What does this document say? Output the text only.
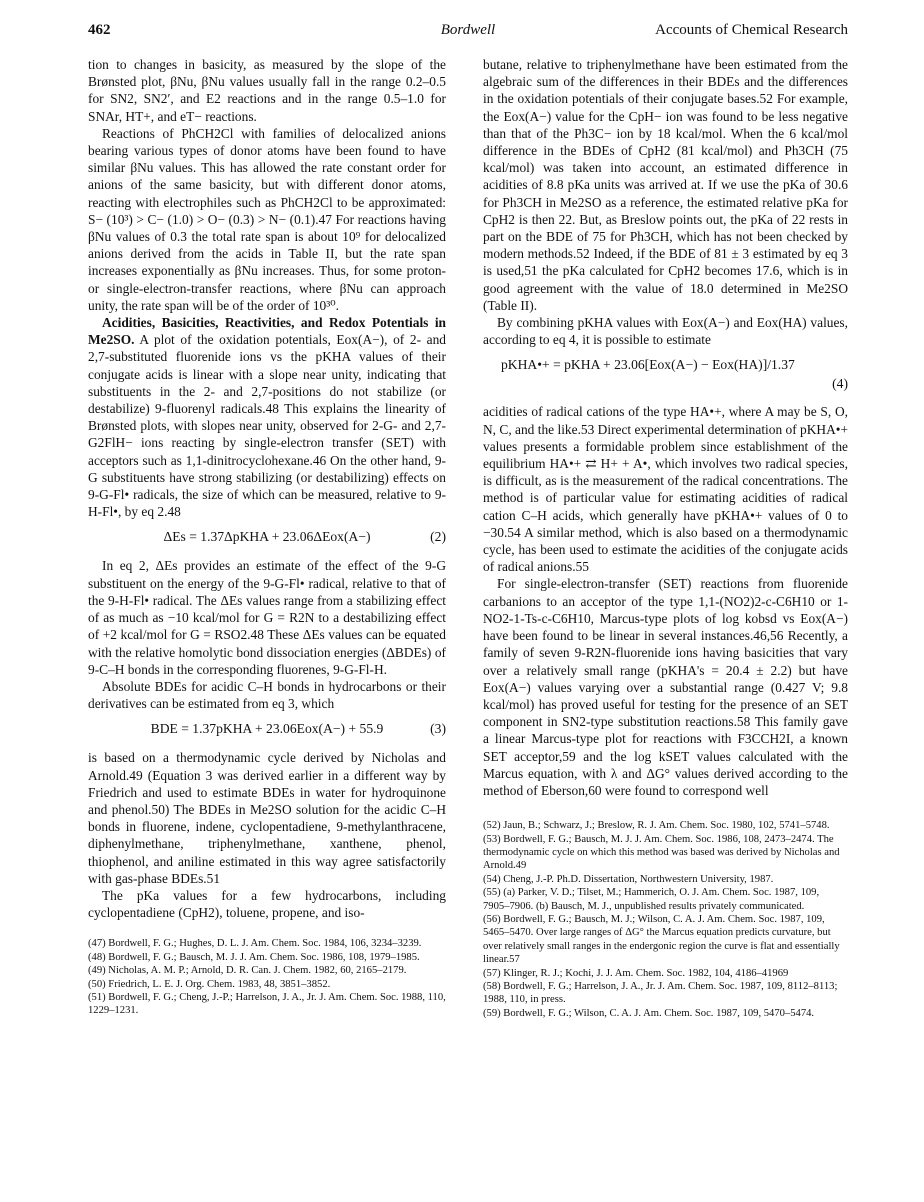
462	Bordwell	Accounts of Chemical Research

tion to changes in basicity, as measured by the slope of the Brønsted plot, βNu, βNu values usually fall in the range 0.2–0.5 for SN2, SN2′, and E2 reactions and in the range 0.5–1.0 for SNAr, HT+, and eT− reactions.

Reactions of PhCH2Cl with families of delocalized anions bearing various types of donor atoms have been found to have similar βNu values. This has allowed the rate constant order for anions of the same basicity, but with different donor atoms, reacting with electrophiles such as PhCH2Cl to be approximated: S− (10³) > C− (1.0) > O− (0.3) > N− (0.1).47 For reactions having βNu values of 0.3 the total rate span is about 10⁹ for delocalized anions derived from the acids in Table II, but the rate span increases exponentially as βNu increases. Thus, for some proton- or single-electron-transfer reactions, where βNu can approach unity, the rate span will be of the order of 10³⁰.

Acidities, Basicities, Reactivities, and Redox Potentials in Me2SO. A plot of the oxidation potentials, Eox(A−), of 2- and 2,7-substituted fluorenide ions vs the pKHA values of their conjugate acids is linear with a slope near unity, indicating that substituents in the 2- and 2,7-positions do not stabilize (or destabilize) 9-fluorenyl radicals.48 This explains the linearity of Brønsted plots, with slopes near unity, observed for 2-G- and 2,7-G2FlH− ions reacting by single-electron transfer (SET) with acceptors such as 1,1-dinitrocyclohexane.46 On the other hand, 9-G substituents have strong stabilizing (or destabilizing) effects on 9-G-Fl• radicals, the size of which can be measured, relative to 9-H-Fl•, by eq 2.48

ΔEs = 1.37ΔpKHA + 23.06ΔEox(A−)	(2)

In eq 2, ΔEs provides an estimate of the effect of the 9-G substituent on the energy of the 9-G-Fl• radical, relative to that of the 9-H-Fl• radical. The ΔEs values range from a stabilizing effect of as much as −10 kcal/mol for G = R2N to a destabilizing effect of +2 kcal/mol for G = RSO2.48 These ΔEs values can be equated with the relative homolytic bond dissociation energies (ΔBDEs) of 9-C–H bonds in the corresponding fluorenes, 9-G-Fl-H.

Absolute BDEs for acidic C–H bonds in hydrocarbons or their derivatives can be estimated from eq 3, which

BDE = 1.37pKHA + 23.06Eox(A−) + 55.9	(3)

is based on a thermodynamic cycle derived by Nicholas and Arnold.49 (Equation 3 was derived earlier in a different way by Friedrich and used to estimate BDEs in water for hydroquinone and phenol.50) The BDEs in Me2SO solution for the acidic C–H bonds in fluorene, indene, cyclopentadiene, 9-methylanthracene, diphenylmethane, triphenylmethane, xanthene, phenol, thiophenol, and aniline estimated in this way agree satisfactorily with gas-phase BDEs.51

The pKa values for a few hydrocarbons, including cyclopentadiene (CpH2), toluene, propene, and iso-

(47) Bordwell, F. G.; Hughes, D. L. J. Am. Chem. Soc. 1984, 106, 3234–3239.
(48) Bordwell, F. G.; Bausch, M. J. J. Am. Chem. Soc. 1986, 108, 1979–1985.
(49) Nicholas, A. M. P.; Arnold, D. R. Can. J. Chem. 1982, 60, 2165–2179.
(50) Friedrich, L. E. J. Org. Chem. 1983, 48, 3851–3852.
(51) Bordwell, F. G.; Cheng, J.-P.; Harrelson, J. A., Jr. J. Am. Chem. Soc. 1988, 110, 1229–1231.

butane, relative to triphenylmethane have been estimated from the algebraic sum of the differences in their BDEs and the differences in the oxidation potentials of their conjugate bases.52 For example, the Eox(A−) value for the CpH− ion was found to be less negative than that of the Ph3C− ion by 18 kcal/mol. When the 6 kcal/mol difference in the BDEs of CpH2 (81 kcal/mol) and Ph3CH (75 kcal/mol) was taken into account, an estimated difference in acidities of 8.8 pKa units was arrived at. If we use the pKa of 30.6 for Ph3CH in Me2SO as a reference, the estimated relative pKa for CpH2 is then 22. But, as Breslow points out, the pKa of 22 rests in part on the BDE of 75 for Ph3CH, which has not been checked by modern methods.52 Indeed, if the BDE of 81 ± 3 estimated by eq 3 is used,51 the pKa calculated for CpH2 becomes 17.6, which is in good agreement with the value of 18.0 determined in Me2SO (Table II).

By combining pKHA values with Eox(A−) and Eox(HA) values, according to eq 4, it is possible to estimate

pKHA•+ = pKHA + 23.06[Eox(A−) − Eox(HA)]/1.37
(4)

acidities of radical cations of the type HA•+, where A may be S, O, N, C, and the like.53 Direct experimental determination of pKHA•+ values presents a formidable problem since establishment of the equilibrium HA•+ ⇄ H+ + A•, which involves two radical species, is difficult, as is the measurement of the radical concentrations. The method is of particular value for estimating acidities of radical cation C–H acids, which generally have pKHA•+ values of 0 to −30.54 A similar method, which is also based on a thermodynamic cycle, has been used to estimate the acidities of the conjugate acids of radical anions.55

For single-electron-transfer (SET) reactions from fluorenide carbanions to an acceptor of the type 1,1-(NO2)2-c-C6H10 or 1-NO2-1-Ts-c-C6H10, Marcus-type plots of log kobsd vs Eox(A−) have been found to be linear in several instances.46,56 Recently, a family of seven 9-R2N-fluorenide ions having basicities that vary over a relatively small range (pKHA's = 20.4 ± 2.2) but have Eox(A−) values varying over a substantial range (0.427 V; 9.8 kcal/mol) has proved useful for testing for the presence of an SET component in SN2-type substitution reactions.58 This family gave a linear Marcus-type plot for reactions with F3CCH2I, a known SET acceptor,59 and the log kSET values calculated with the Marcus equation, with λ and ΔG° values derived according to the method of Eberson,60 were found to correspond well

(52) Jaun, B.; Schwarz, J.; Breslow, R. J. Am. Chem. Soc. 1980, 102, 5741–5748.
(53) Bordwell, F. G.; Bausch, M. J. J. Am. Chem. Soc. 1986, 108, 2473–2474. The thermodynamic cycle on which this method was based was derived by Nicholas and Arnold.49
(54) Cheng, J.-P. Ph.D. Dissertation, Northwestern University, 1987.
(55) (a) Parker, V. D.; Tilset, M.; Hammerich, O. J. Am. Chem. Soc. 1987, 109, 7905–7906. (b) Bausch, M. J., unpublished results privately communicated.
(56) Bordwell, F. G.; Bausch, M. J.; Wilson, C. A. J. Am. Chem. Soc. 1987, 109, 5465–5470. Over large ranges of ΔG° the Marcus equation predicts curvature, but over relatively small ranges in the endergonic region the curve is flat and essentially linear.57
(57) Klinger, R. J.; Kochi, J. J. Am. Chem. Soc. 1982, 104, 4186–41969
(58) Bordwell, F. G.; Harrelson, J. A., Jr. J. Am. Chem. Soc. 1987, 109, 8112–8113; 1988, 110, in press.
(59) Bordwell, F. G.; Wilson, C. A. J. Am. Chem. Soc. 1987, 109, 5470–5474.
